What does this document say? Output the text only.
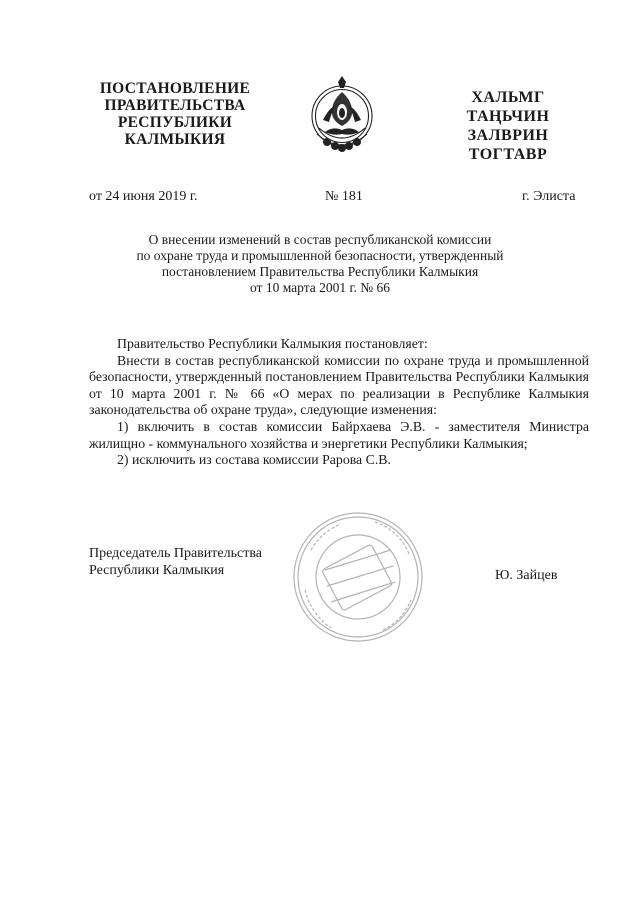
ПОСТАНОВЛЕНИЕ
ПРАВИТЕЛЬСТВА
РЕСПУБЛИКИ
КАЛМЫКИЯ
ХАЛЬМГ
ТАҢЬЧИН
ЗАЛВРИН
ТОГТАВР
от 24 июня 2019 г.	№ 181	г. Элиста
О внесении изменений в состав республиканской комиссии
по охране труда и промышленной безопасности, утвержденный
постановлением Правительства Республики Калмыкия
от 10 марта 2001 г. № 66

Правительство Республики Калмыкия постановляет:

Внести в состав республиканской комиссии по охране труда и промышленной безопасности, утвержденный постановлением Правительства Республики Калмыкия от 10 марта 2001 г. № 66 «О мерах по реализации в Республике Калмыкия законодательства об охране труда», следующие изменения:

1) включить в состав комиссии Байрхаева Э.В. - заместителя Министра жилищно - коммунального хозяйства и энергетики Республики Калмыкия;

2) исключить из состава комиссии Рарова С.В.

Председатель Правительства
Республики Калмыкия	Ю. Зайцев
